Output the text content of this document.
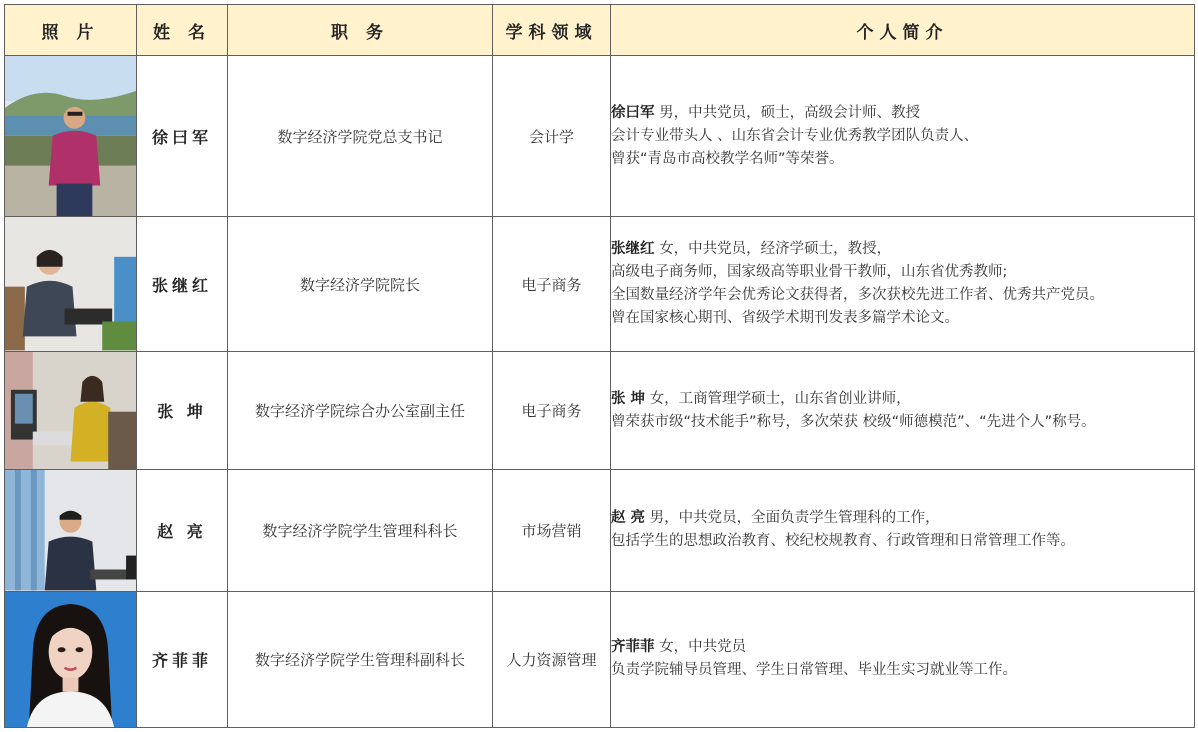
照 片	姓 名	职 务	学科领域	个人简介

	徐曰军	数字经济学院党总支书记	会计学	徐曰军 男，中共党员，硕士，高级会计师、教授
会计专业带头人 、山东省会计专业优秀教学团队负责人、
曾获“青岛市高校教学名师”等荣誉。

	张继红	数字经济学院院长	电子商务	张继红 女，中共党员，经济学硕士，教授，
高级电子商务师，国家级高等职业骨干教师，山东省优秀教师;
全国数量经济学年会优秀论文获得者，多次获校先进工作者、优秀共产党员。
曾在国家核心期刊、省级学术期刊发表多篇学术论文。

	张 坤	数字经济学院综合办公室副主任	电子商务	张 坤 女，工商管理学硕士，山东省创业讲师，
曾荣获市级“技术能手”称号，多次荣获 校级“师德模范”、“先进个人”称号。

	赵 亮	数字经济学院学生管理科科长	市场营销	赵 亮 男，中共党员，全面负责学生管理科的工作，
包括学生的思想政治教育、校纪校规教育、行政管理和日常管理工作等。

	齐菲菲	数字经济学院学生管理科副科长	人力资源管理	齐菲菲 女，中共党员
负责学院辅导员管理、学生日常管理、毕业生实习就业等工作。
